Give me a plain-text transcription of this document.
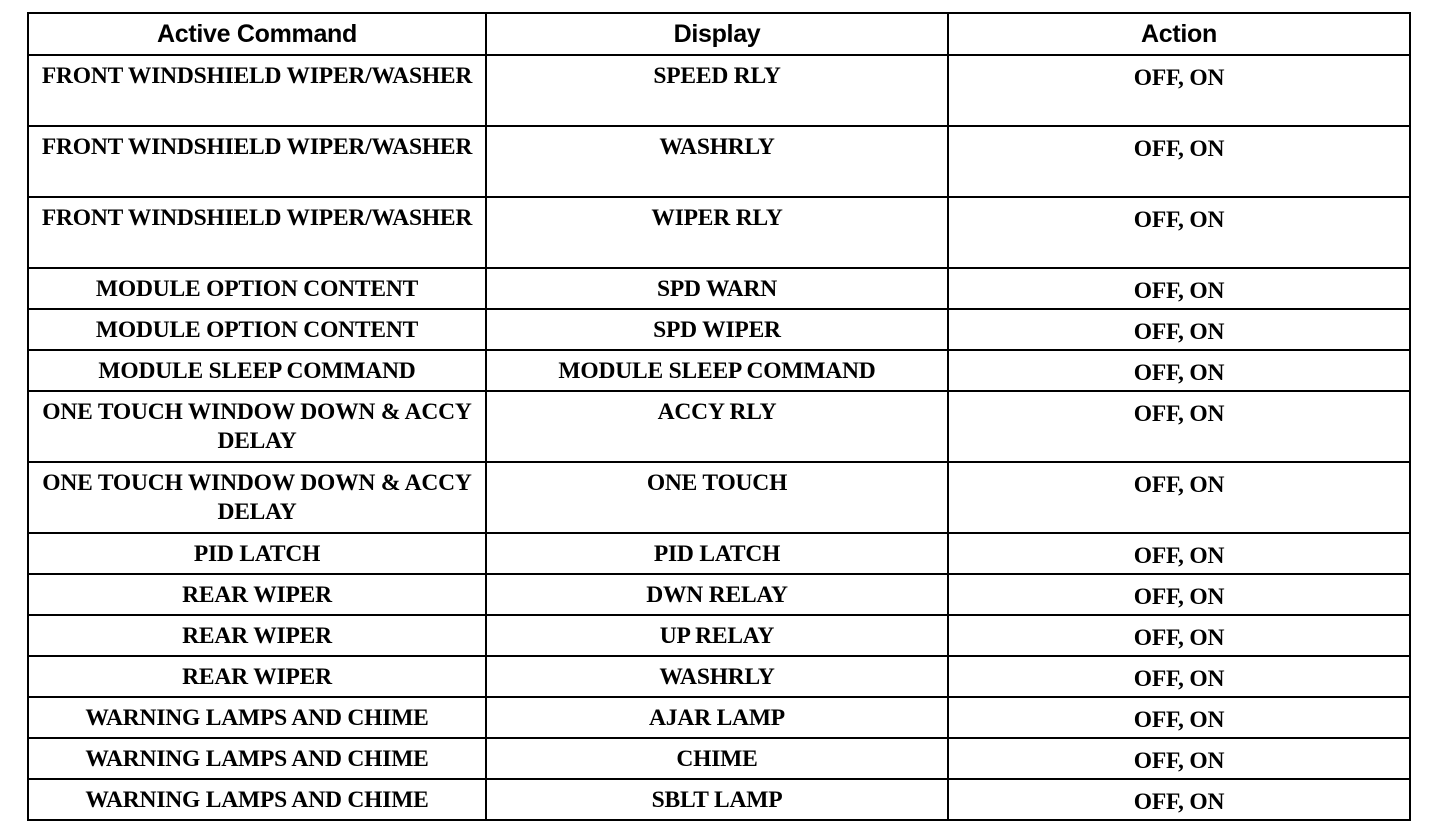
Active Command	Display	Action
FRONT WINDSHIELD WIPER/WASHER	SPEED RLY	OFF, ON
FRONT WINDSHIELD WIPER/WASHER	WASHRLY	OFF, ON
FRONT WINDSHIELD WIPER/WASHER	WIPER RLY	OFF, ON
MODULE OPTION CONTENT	SPD WARN	OFF, ON
MODULE OPTION CONTENT	SPD WIPER	OFF, ON
MODULE SLEEP COMMAND	MODULE SLEEP COMMAND	OFF, ON
ONE TOUCH WINDOW DOWN & ACCY DELAY	ACCY RLY	OFF, ON
ONE TOUCH WINDOW DOWN & ACCY DELAY	ONE TOUCH	OFF, ON
PID LATCH	PID LATCH	OFF, ON
REAR WIPER	DWN RELAY	OFF, ON
REAR WIPER	UP RELAY	OFF, ON
REAR WIPER	WASHRLY	OFF, ON
WARNING LAMPS AND CHIME	AJAR LAMP	OFF, ON
WARNING LAMPS AND CHIME	CHIME	OFF, ON
WARNING LAMPS AND CHIME	SBLT LAMP	OFF, ON
